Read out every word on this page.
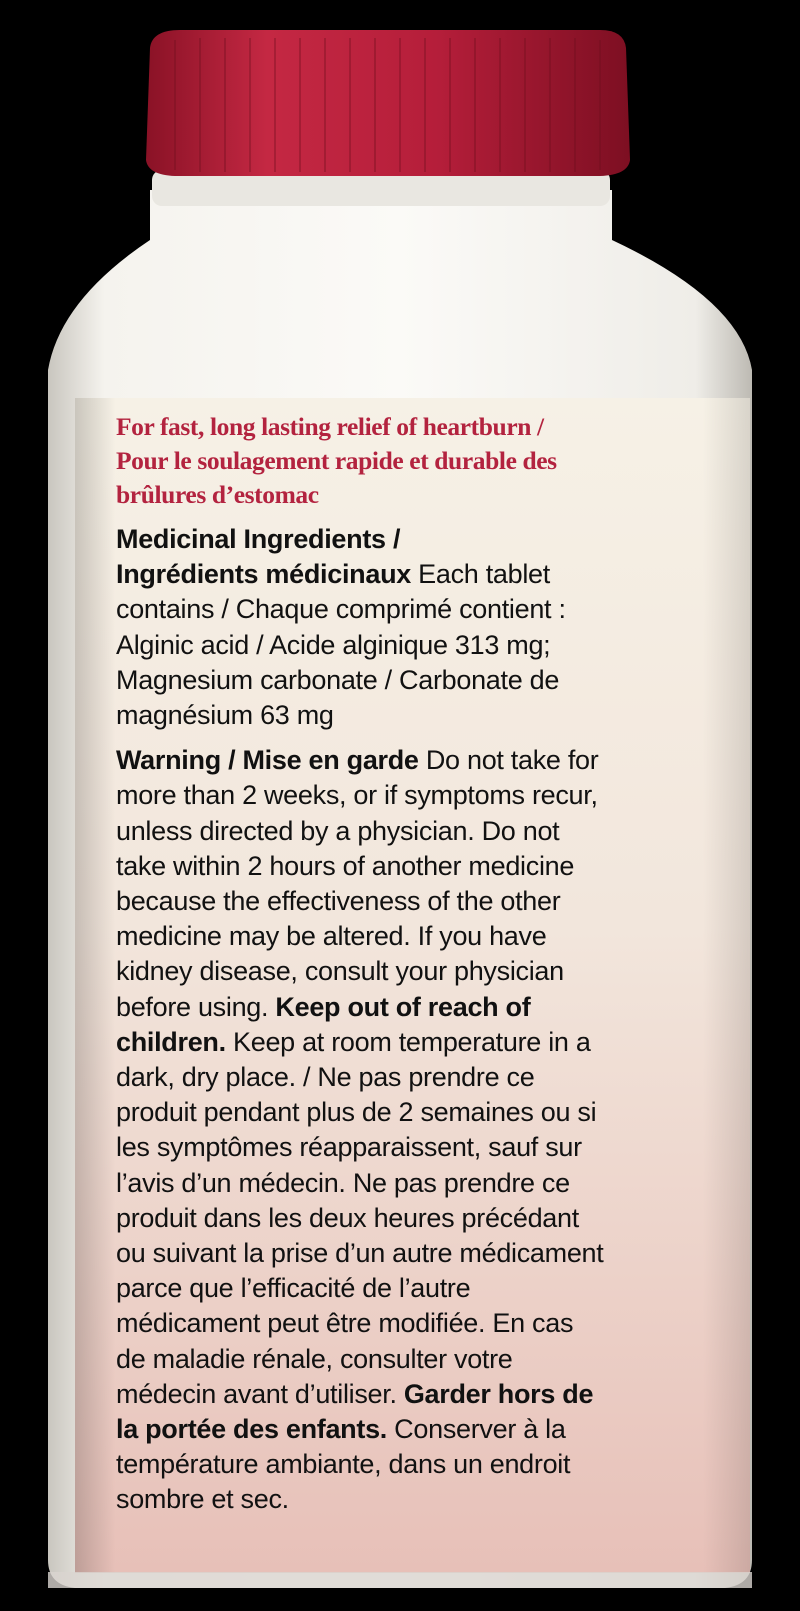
For fast, long lasting relief of heartburn /
Pour le soulagement rapide et durable des
brûlures d’estomac
Medicinal Ingredients /
Ingrédients médicinaux Each tablet
contains / Chaque comprimé contient :
Alginic acid / Acide alginique 313 mg;
Magnesium carbonate / Carbonate de
magnésium 63 mg
Warning / Mise en garde Do not take for
more than 2 weeks, or if symptoms recur,
unless directed by a physician. Do not
take within 2 hours of another medicine
because the effectiveness of the other
medicine may be altered. If you have
kidney disease, consult your physician
before using. Keep out of reach of
children. Keep at room temperature in a
dark, dry place. / Ne pas prendre ce
produit pendant plus de 2 semaines ou si
les symptômes réapparaissent, sauf sur
l’avis d’un médecin. Ne pas prendre ce
produit dans les deux heures précédant
ou suivant la prise d’un autre médicament
parce que l’efficacité de l’autre
médicament peut être modifiée. En cas
de maladie rénale, consulter votre
médecin avant d’utiliser. Garder hors de
la portée des enfants. Conserver à la
température ambiante, dans un endroit
sombre et sec.
